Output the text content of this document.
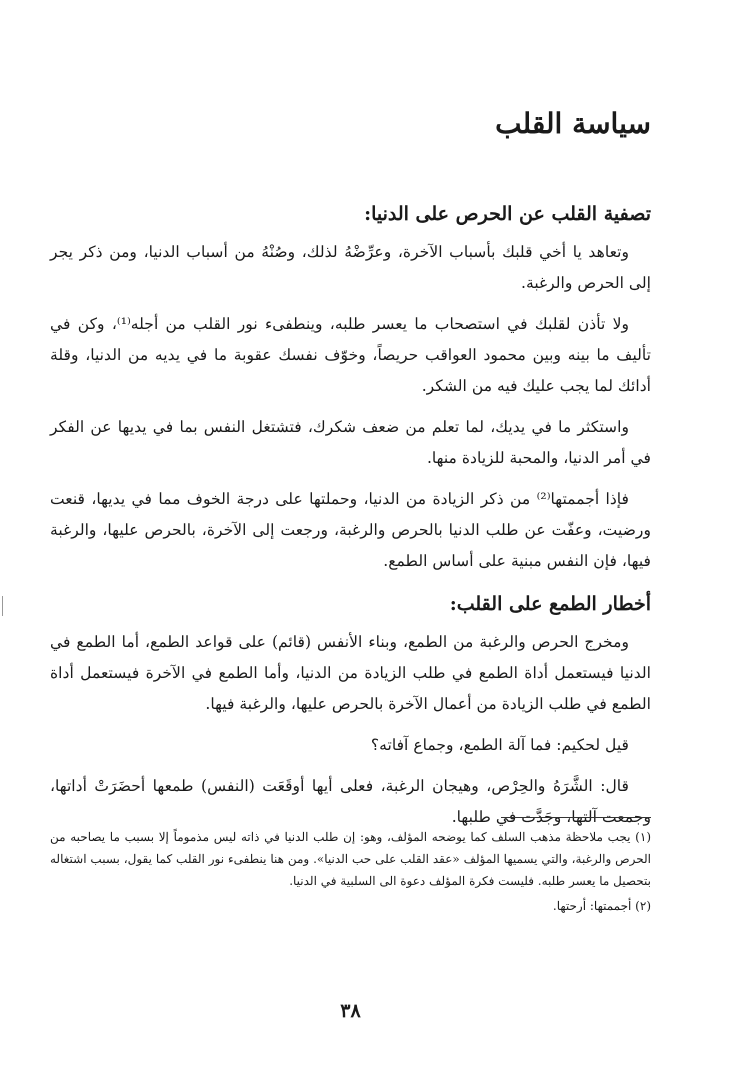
سياسة القلب
تصفية القلب عن الحرص على الدنيا:

وتعاهد يا أخي قلبك بأسباب الآخرة، وعرِّضْهُ لذلك، وصُنْهُ من أسباب الدنيا، ومن ذكر يجر إلى الحرص والرغبة.

ولا تأذن لقلبك في استصحاب ما يعسر طلبه، وينطفىء نور القلب من أجله⁽¹⁾، وكن في تأليف ما بينه وبين محمود العواقب حريصاً، وخوّف نفسك عقوبة ما في يديه من الدنيا، وقلة أدائك لما يجب عليك فيه من الشكر.

واستكثر ما في يديك، لما تعلم من ضعف شكرك، فتشتغل النفس بما في يديها عن الفكر في أمر الدنيا، والمحبة للزيادة منها.

فإذا أجممتها⁽²⁾ من ذكر الزيادة من الدنيا، وحملتها على درجة الخوف مما في يديها، قنعت ورضيت، وعفّت عن طلب الدنيا بالحرص والرغبة، ورجعت إلى الآخرة، بالحرص عليها، والرغبة فيها، فإن النفس مبنية على أساس الطمع.

أخطار الطمع على القلب:

ومخرج الحرص والرغبة من الطمع، وبناء الأنفس (قائم) على قواعد الطمع، أما الطمع في الدنيا فيستعمل أداة الطمع في طلب الزيادة من الدنيا، وأما الطمع في الآخرة فيستعمل أداة الطمع في طلب الزيادة من أعمال الآخرة بالحرص عليها، والرغبة فيها.

قيل لحكيم: فما آلة الطمع، وجماع آفاته؟

قال: الشَّرَهُ والحِرْص، وهيجان الرغبة، فعلى أيها أوقَعَت (النفس) طمعها أحضَرَتْ أداتها، وجمعت آلتها، وجَدَّت في طلبها.

(١) يجب ملاحظة مذهب السلف كما يوضحه المؤلف، وهو: إن طلب الدنيا في ذاته ليس مذموماً إلا بسبب ما يصاحبه من الحرص والرغبة، والتي يسميها المؤلف «عقد القلب على حب الدنيا». ومن هنا ينطفىء نور القلب كما يقول، بسبب اشتغاله بتحصيل ما يعسر طلبه. فليست فكرة المؤلف دعوة الى السلبية في الدنيا.

(٢) أجممتها: أرحتها.

٣٨
